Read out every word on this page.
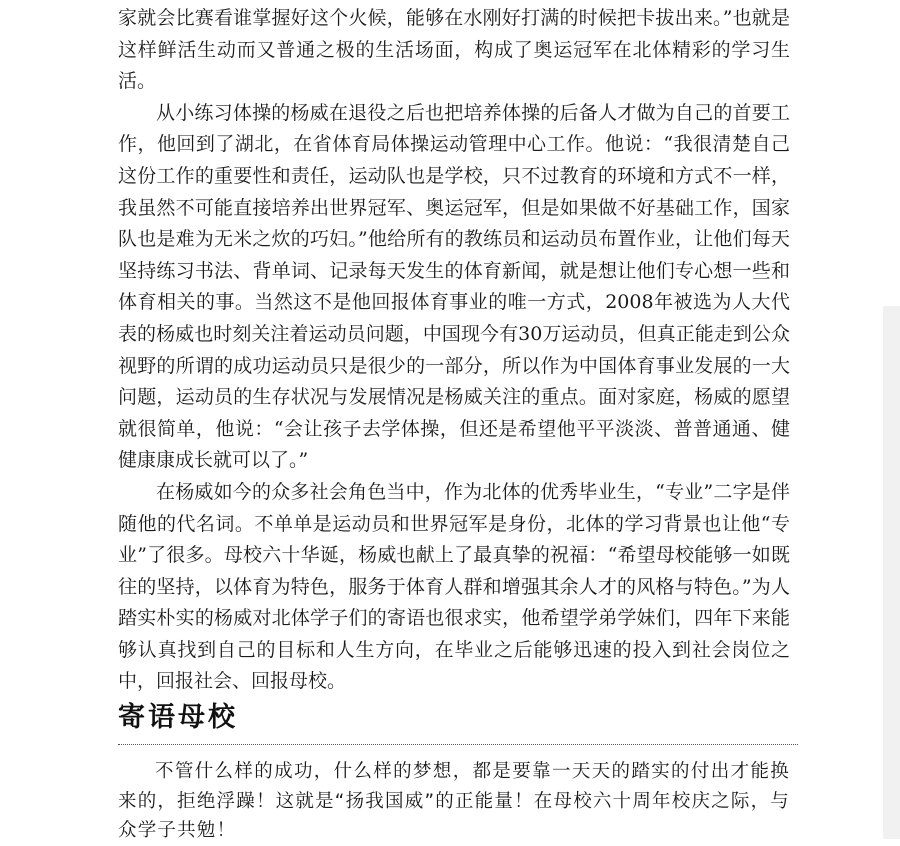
家就会比赛看谁掌握好这个火候，能够在水刚好打满的时候把卡拔出来。”也就是这样鲜活生动而又普通之极的生活场面，构成了奥运冠军在北体精彩的学习生活。

从小练习体操的杨威在退役之后也把培养体操的后备人才做为自己的首要工作，他回到了湖北，在省体育局体操运动管理中心工作。他说：“我很清楚自己这份工作的重要性和责任，运动队也是学校，只不过教育的环境和方式不一样，我虽然不可能直接培养出世界冠军、奥运冠军，但是如果做不好基础工作，国家队也是难为无米之炊的巧妇。”他给所有的教练员和运动员布置作业，让他们每天坚持练习书法、背单词、记录每天发生的体育新闻，就是想让他们专心想一些和体育相关的事。当然这不是他回报体育事业的唯一方式，2008年被选为人大代表的杨威也时刻关注着运动员问题，中国现今有30万运动员，但真正能走到公众视野的所谓的成功运动员只是很少的一部分，所以作为中国体育事业发展的一大问题，运动员的生存状况与发展情况是杨威关注的重点。面对家庭，杨威的愿望就很简单，他说：“会让孩子去学体操，但还是希望他平平淡淡、普普通通、健健康康成长就可以了。”

在杨威如今的众多社会角色当中，作为北体的优秀毕业生，“专业”二字是伴随他的代名词。不单单是运动员和世界冠军是身份，北体的学习背景也让他“专业”了很多。母校六十华诞，杨威也献上了最真挚的祝福：“希望母校能够一如既往的坚持，以体育为特色，服务于体育人群和增强其余人才的风格与特色。”为人踏实朴实的杨威对北体学子们的寄语也很求实，他希望学弟学妹们，四年下来能够认真找到自己的目标和人生方向，在毕业之后能够迅速的投入到社会岗位之中，回报社会、回报母校。

寄语母校

不管什么样的成功，什么样的梦想，都是要靠一天天的踏实的付出才能换来的，拒绝浮躁！这就是“扬我国威”的正能量！在母校六十周年校庆之际，与众学子共勉！
